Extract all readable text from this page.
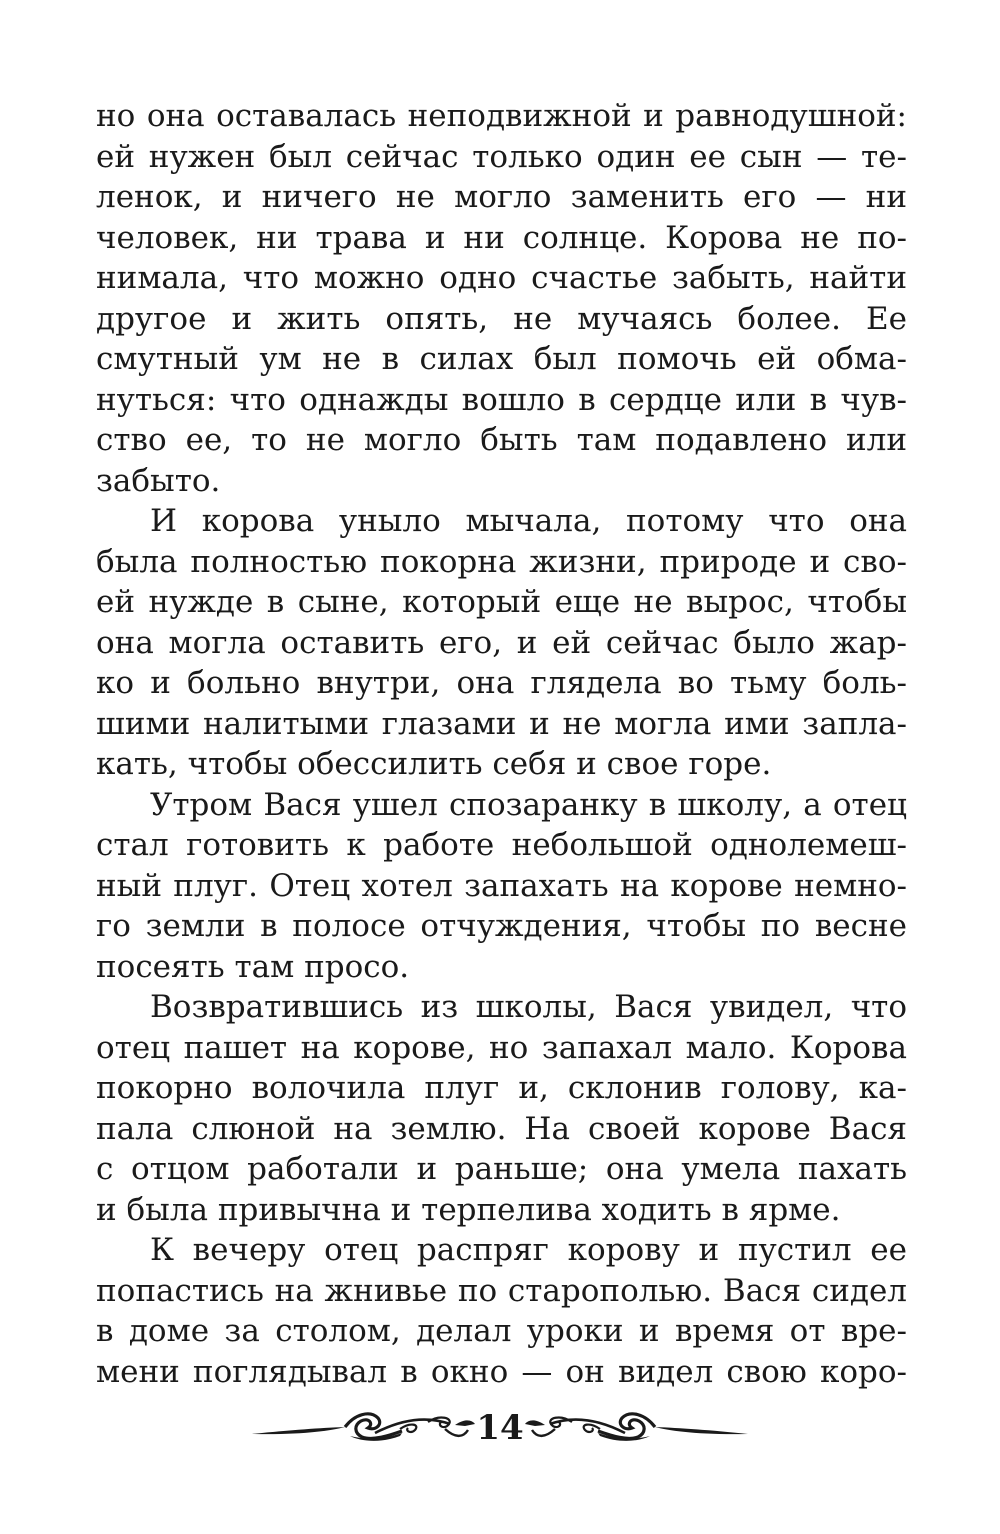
но она оставалась неподвижной и равнодушной:

ей нужен был сейчас только один ее сын — те-

ленок, и ничего не могло заменить его — ни

человек, ни трава и ни солнце. Корова не по-

нимала, что можно одно счастье забыть, найти

другое и жить опять, не мучаясь более. Ее

смутный ум не в силах был помочь ей обма-

нуться: что однажды вошло в сердце или в чув-

ство ее, то не могло быть там подавлено или

забыто.

И корова уныло мычала, потому что она

была полностью покорна жизни, природе и сво-

ей нужде в сыне, который еще не вырос, чтобы

она могла оставить его, и ей сейчас было жар-

ко и больно внутри, она глядела во тьму боль-

шими налитыми глазами и не могла ими запла-

кать, чтобы обессилить себя и свое горе.

Утром Вася ушел спозаранку в школу, а отец

стал готовить к работе небольшой однолемеш-

ный плуг. Отец хотел запахать на корове немно-

го земли в полосе отчуждения, чтобы по весне

посеять там просо.

Возвратившись из школы, Вася увидел, что

отец пашет на корове, но запахал мало. Корова

покорно волочила плуг и, склонив голову, ка-

пала слюной на землю. На своей корове Вася

с отцом работали и раньше; она умела пахать

и была привычна и терпелива ходить в ярме.

К вечеру отец распряг корову и пустил ее

попастись на жнивье по старополью. Вася сидел

в доме за столом, делал уроки и время от вре-

мени поглядывал в окно — он видел свою коро-

14
